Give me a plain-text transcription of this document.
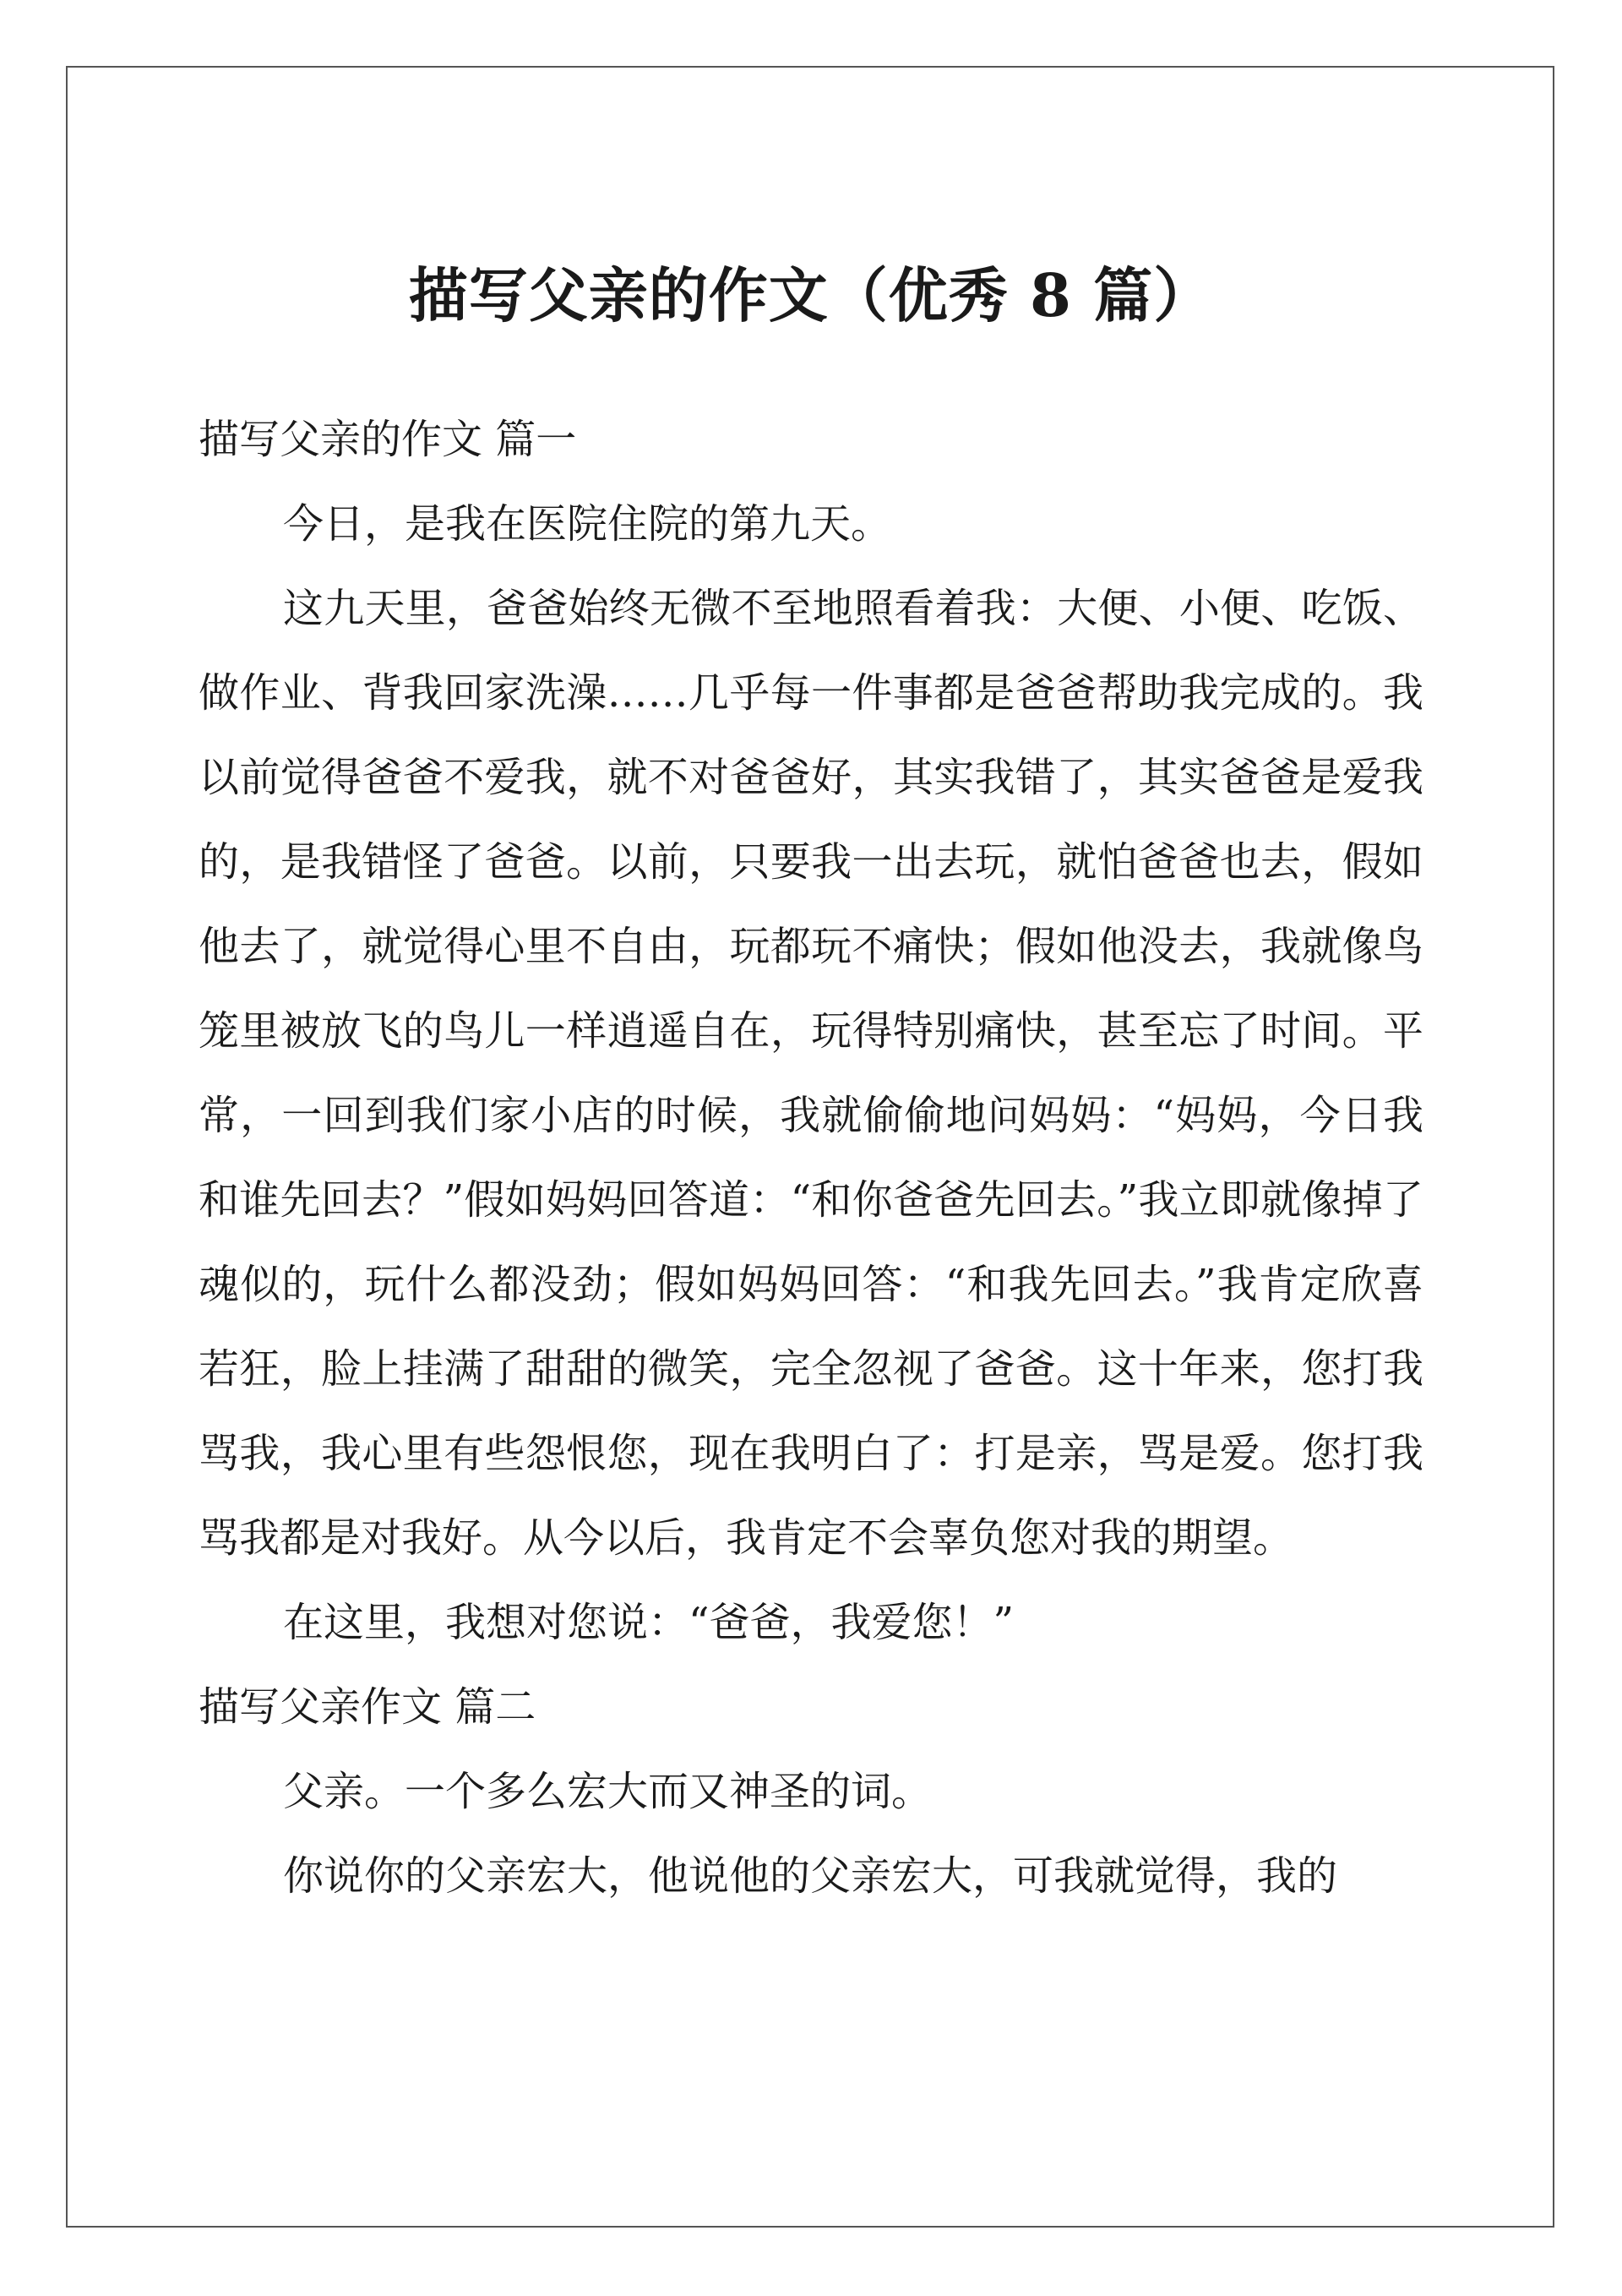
描写父亲的作文（优秀 8 篇）

描写父亲的作文 篇一

今日，是我在医院住院的第九天。

这九天里，爸爸始终无微不至地照看着我：大便、小便、吃饭、做作业、背我回家洗澡……几乎每一件事都是爸爸帮助我完成的。我以前觉得爸爸不爱我，就不对爸爸好，其实我错了，其实爸爸是爱我的，是我错怪了爸爸。以前，只要我一出去玩，就怕爸爸也去，假如他去了，就觉得心里不自由，玩都玩不痛快；假如他没去，我就像鸟笼里被放飞的鸟儿一样逍遥自在，玩得特别痛快，甚至忘了时间。平常，一回到我们家小店的时候，我就偷偷地问妈妈：“妈妈，今日我和谁先回去？”假如妈妈回答道：“和你爸爸先回去。”我立即就像掉了魂似的，玩什么都没劲；假如妈妈回答：“和我先回去。”我肯定欣喜若狂，脸上挂满了甜甜的微笑，完全忽视了爸爸。这十年来，您打我骂我，我心里有些怨恨您，现在我明白了：打是亲，骂是爱。您打我骂我都是对我好。从今以后，我肯定不会辜负您对我的期望。

在这里，我想对您说：“爸爸，我爱您！”

描写父亲作文 篇二

父亲。一个多么宏大而又神圣的词。

你说你的父亲宏大，他说他的父亲宏大，可我就觉得，我的
